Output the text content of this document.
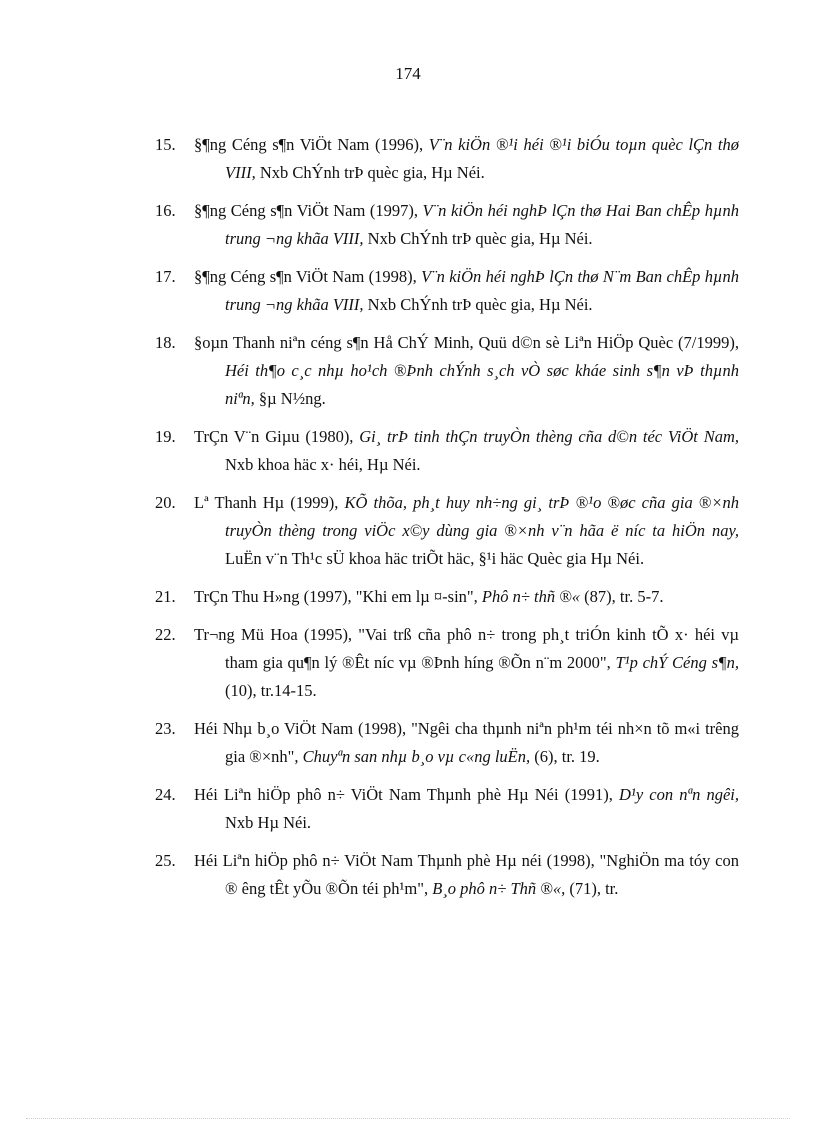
174
15.	§¶ng Céng s¶n ViÖt Nam (1996), V¨n kiÖn ®¹i héi ®¹i biÓu toµn quèc lÇn thø VIII, Nxb ChÝnh trÞ quèc gia, Hµ Néi.
16.	§¶ng Céng s¶n ViÖt Nam (1997), V¨n kiÖn héi nghÞ lÇn thø Hai Ban chÊp hµnh trung ¬ng khãa VIII, Nxb ChÝnh trÞ quèc gia, Hµ Néi.
17.	§¶ng Céng s¶n ViÖt Nam (1998), V¨n kiÖn héi nghÞ lÇn thø N¨m Ban chÊp hµnh trung ¬ng khãa VIII, Nxb ChÝnh trÞ quèc gia, Hµ Néi.
18.	§oµn Thanh niªn céng s¶n Hå ChÝ Minh, Quü d©n sè Liªn HiÖp Quèc (7/1999), Héi th¶o c¸c nhµ ho¹ch ®Þnh chÝnh s¸ch vÒ søc kháe sinh s¶n vÞ thµnh niªn, §µ N½ng.
19.	TrÇn V¨n Giµu (1980), Gi¸ trÞ tinh thÇn truyÒn thèng cña d©n téc ViÖt Nam, Nxb khoa häc x· héi, Hµ Néi.
20.	Lª Thanh Hµ (1999), KÕ thõa, ph¸t huy nh÷ng gi¸ trÞ ®¹o ®øc cña gia ®×nh truyÒn thèng trong viÖc x©y dùng gia ®×nh v¨n hãa ë níc ta hiÖn nay, LuËn v¨n Th¹c sÜ khoa häc triÕt häc, §¹i häc Quèc gia Hµ Néi.
21.	TrÇn Thu H»ng (1997), "Khi em lµ ¤-sin", Phô n÷ thñ ®« (87), tr. 5-7.
22.	Tr¬ng Mü Hoa (1995), "Vai trß cña phô n÷ trong ph¸t triÓn kinh tÕ x· héi vµ tham gia qu¶n lý ®Êt níc vµ ®Þnh híng ®Õn n¨m 2000", T¹p chÝ Céng s¶n, (10), tr.14-15.
23.	Héi Nhµ b¸o ViÖt Nam (1998), "Ngêi cha thµnh niªn ph¹m téi nh×n tõ m«i trêng gia ®×nh", Chuyªn san nhµ b¸o vµ c«ng luËn, (6), tr. 19.
24.	Héi Liªn hiÖp phô n÷ ViÖt Nam Thµnh phè Hµ Néi (1991), D¹y con nªn ngêi, Nxb Hµ Néi.
25.	Héi Liªn hiÖp phô n÷ ViÖt Nam Thµnh phè Hµ néi (1998), "NghiÖn ma tóy con ® êng tÊt yÕu ®Õn téi ph¹m", B¸o phô n÷ Thñ ®«, (71), tr.
